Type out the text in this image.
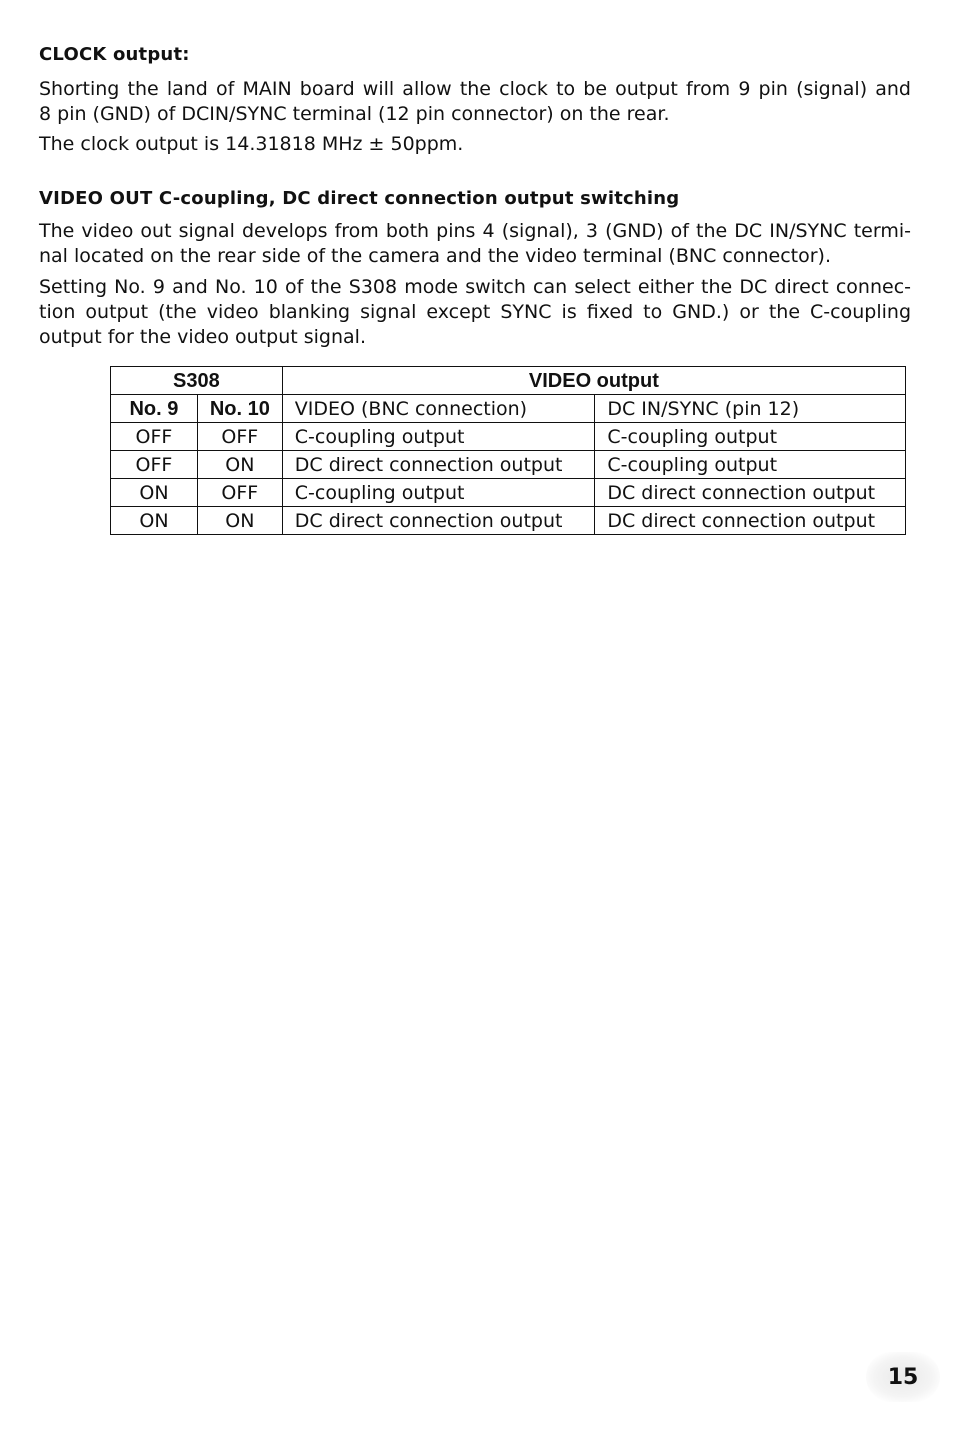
CLOCK output:

Shorting the land of MAIN board will allow the clock to be output from 9 pin (signal) and
8 pin (GND) of DCIN/SYNC terminal (12 pin connector) on the rear.

The clock output is 14.31818 MHz ± 50ppm.

VIDEO OUT C-coupling, DC direct connection output switching

The video out signal develops from both pins 4 (signal), 3 (GND) of the DC IN/SYNC termi-
nal located on the rear side of the camera and the video terminal (BNC connector).

Setting No. 9 and No. 10 of the S308 mode switch can select either the DC direct connec-
tion output (the video blanking signal except SYNC is fixed to GND.) or the C-coupling
output for the video output signal.

S308		VIDEO output	
No. 9	No. 10	VIDEO (BNC connection)	DC IN/SYNC (pin 12)
OFF	OFF	C-coupling output	C-coupling output
OFF	ON	DC direct connection output	C-coupling output
ON	OFF	C-coupling output	DC direct connection output
ON	ON	DC direct connection output	DC direct connection output
15
